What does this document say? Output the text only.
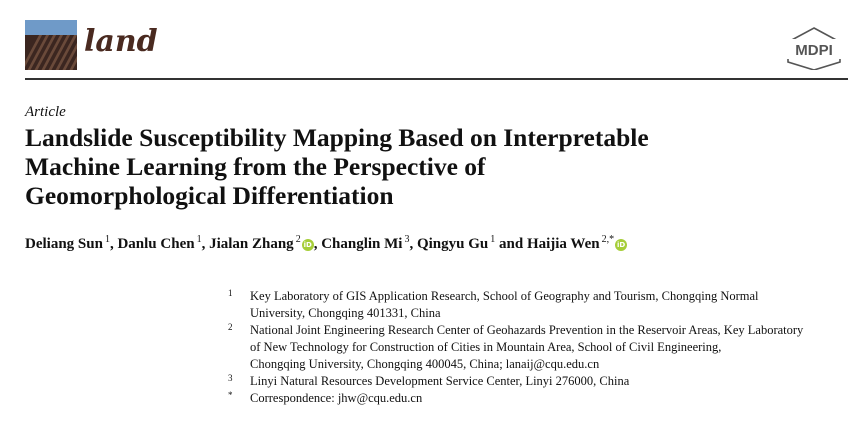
land	MDPI
Article
Landslide Susceptibility Mapping Based on Interpretable
Machine Learning from the Perspective of
Geomorphological Differentiation
Deliang Sun $^1$, Danlu Chen $^1$, Jialan Zhang $^2$ iD , Changlin Mi $^3$, Qingyu Gu $^1$ and Haijia Wen $^{2,*}$ iD
1 Key Laboratory of GIS Application Research, School of Geography and Tourism, Chongqing Normal
University, Chongqing 401331, China
2 National Joint Engineering Research Center of Geohazards Prevention in the Reservoir Areas, Key Laboratory
of New Technology for Construction of Cities in Mountain Area, School of Civil Engineering,
Chongqing University, Chongqing 400045, China; lanaij@cqu.edu.cn
3 Linyi Natural Resources Development Service Center, Linyi 276000, China
* Correspondence: jhw@cqu.edu.cn
